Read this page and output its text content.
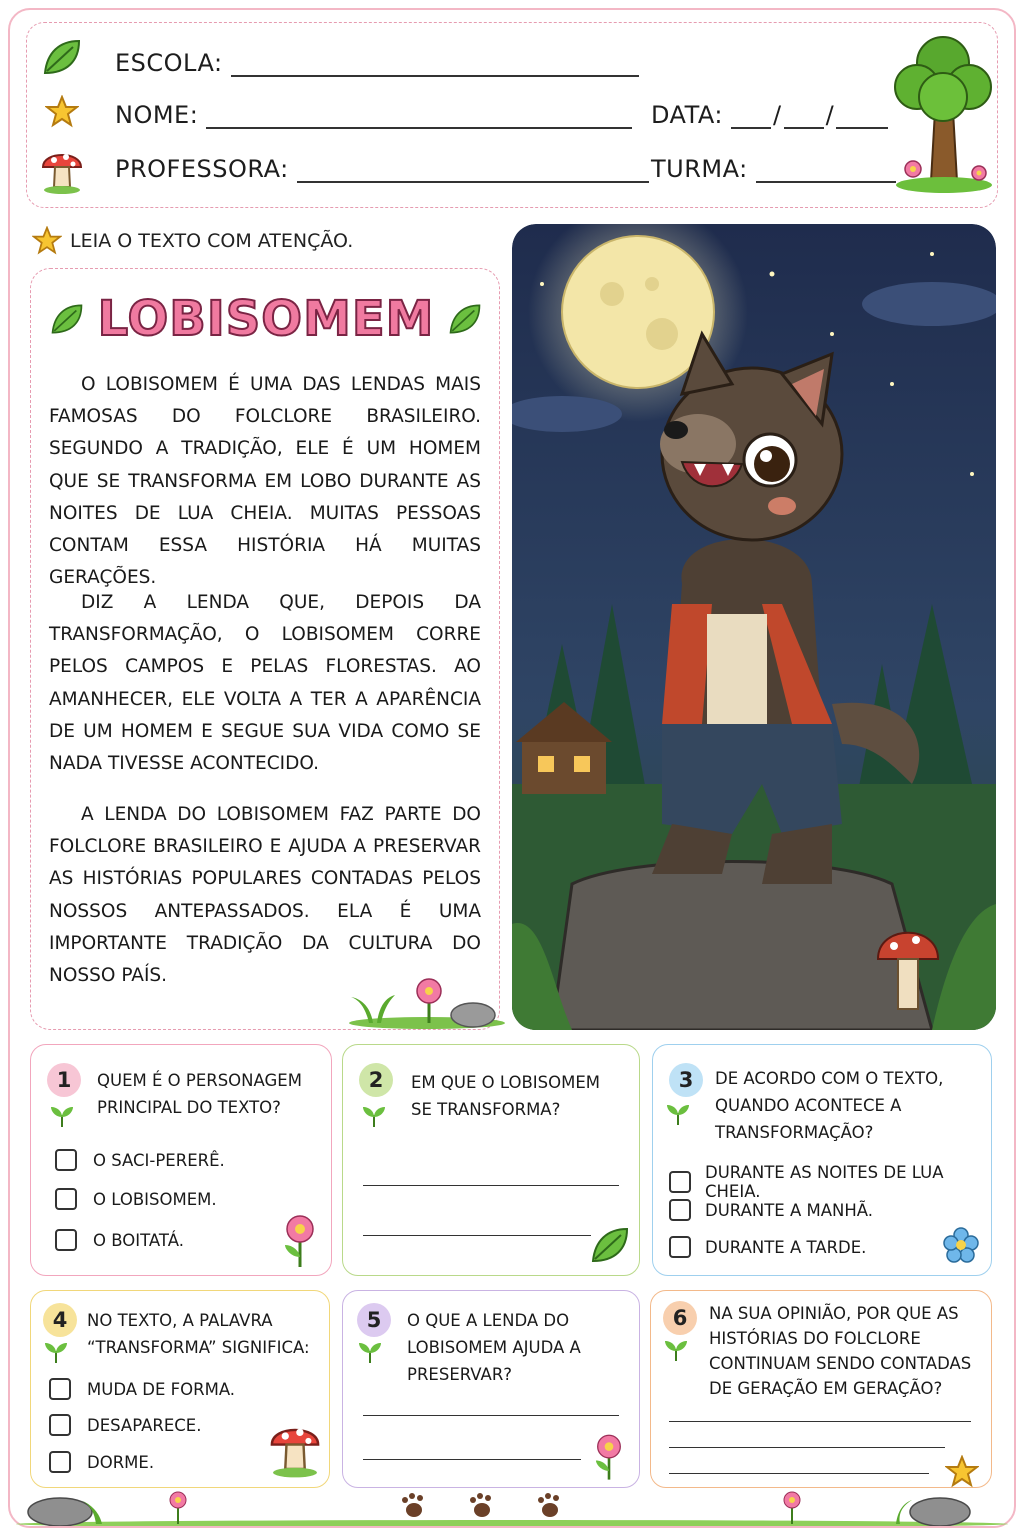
ESCOLA:
NOME:	DATA: / /
PROFESSORA:	TURMA:
LEIA O TEXTO COM ATENÇÃO.
LOBISOMEM

O LOBISOMEM É UMA DAS LENDAS MAIS FAMOSAS DO FOLCLORE BRASILEIRO. SEGUNDO A TRADIÇÃO, ELE É UM HOMEM QUE SE TRANSFORMA EM LOBO DURANTE AS NOITES DE LUA CHEIA. MUITAS PESSOAS CONTAM ESSA HISTÓRIA HÁ MUITAS GERAÇÕES.

DIZ A LENDA QUE, DEPOIS DA TRANSFORMAÇÃO, O LOBISOMEM CORRE PELOS CAMPOS E PELAS FLORESTAS. AO AMANHECER, ELE VOLTA A TER A APARÊNCIA DE UM HOMEM E SEGUE SUA VIDA COMO SE NADA TIVESSE ACONTECIDO.

A LENDA DO LOBISOMEM FAZ PARTE DO FOLCLORE BRASILEIRO E AJUDA A PRESERVAR AS HISTÓRIAS POPULARES CONTADAS PELOS NOSSOS ANTEPASSADOS. ELA É UMA IMPORTANTE TRADIÇÃO DA CULTURA DO NOSSO PAÍS.

1	QUEM É O PERSONAGEM
PRINCIPAL DO TEXTO?
O SACI-PERERÊ.
O LOBISOMEM.
O BOITATÁ.
2	EM QUE O LOBISOMEM
SE TRANSFORMA?
3	DE ACORDO COM O TEXTO,
QUANDO ACONTECE A
TRANSFORMAÇÃO?
DURANTE AS NOITES DE LUA CHEIA.
DURANTE A MANHÃ.
DURANTE A TARDE.
4	NO TEXTO, A PALAVRA
“TRANSFORMA” SIGNIFICA:
MUDA DE FORMA.
DESAPARECE.
DORME.
5	O QUE A LENDA DO
LOBISOMEM AJUDA A
PRESERVAR?
6	NA SUA OPINIÃO, POR QUE AS
HISTÓRIAS DO FOLCLORE
CONTINUAM SENDO CONTADAS
DE GERAÇÃO EM GERAÇÃO?
